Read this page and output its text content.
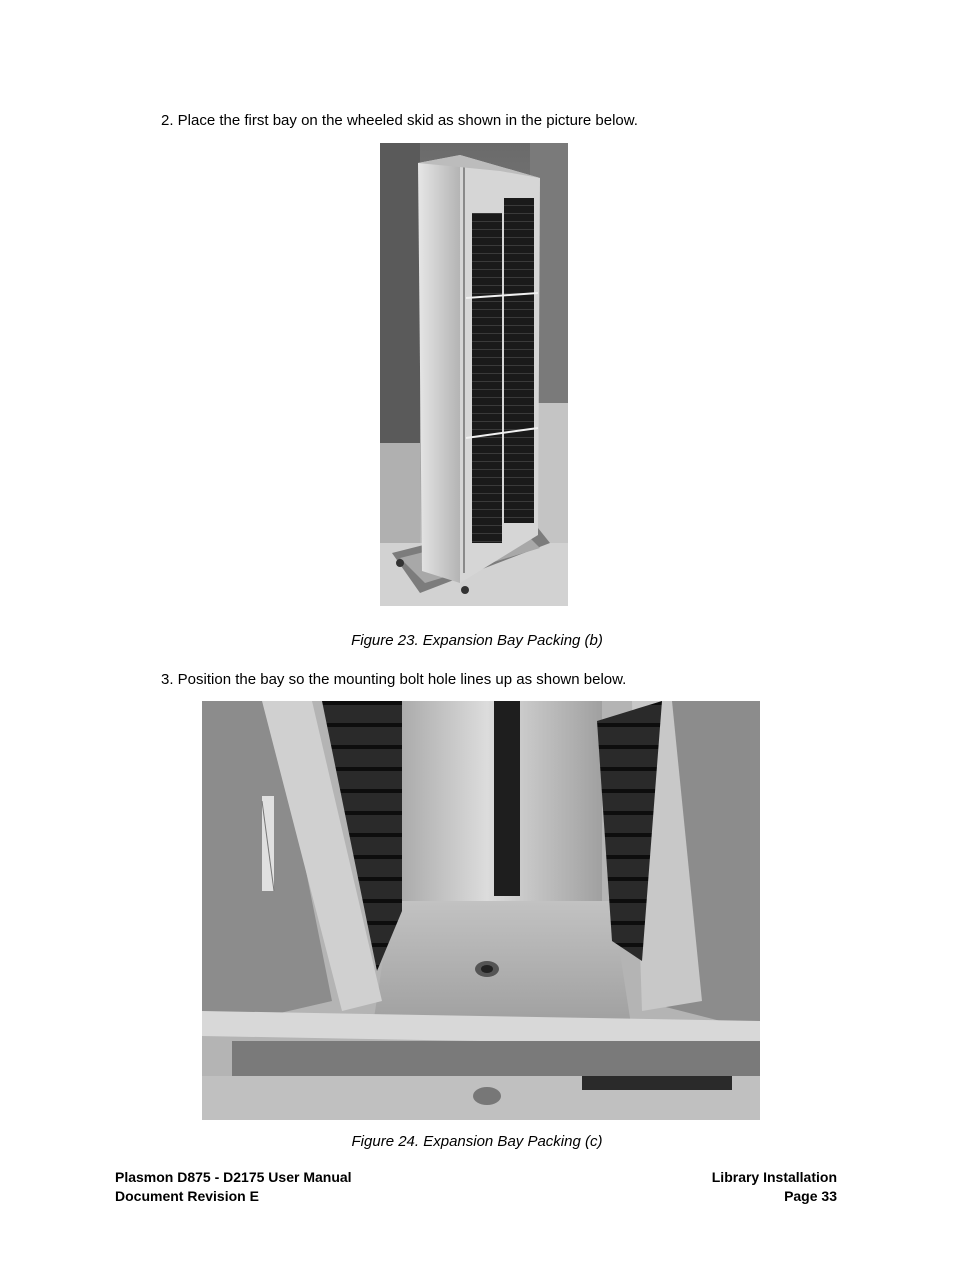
2. Place the first bay on the wheeled skid as shown in the picture below.
Figure 23. Expansion Bay Packing (b)
3. Position the bay so the mounting bolt hole lines up as shown below.
Figure 24. Expansion Bay Packing (c)
Plasmon D875 - D2175 User Manual
Document Revision E
Library Installation
Page 33
